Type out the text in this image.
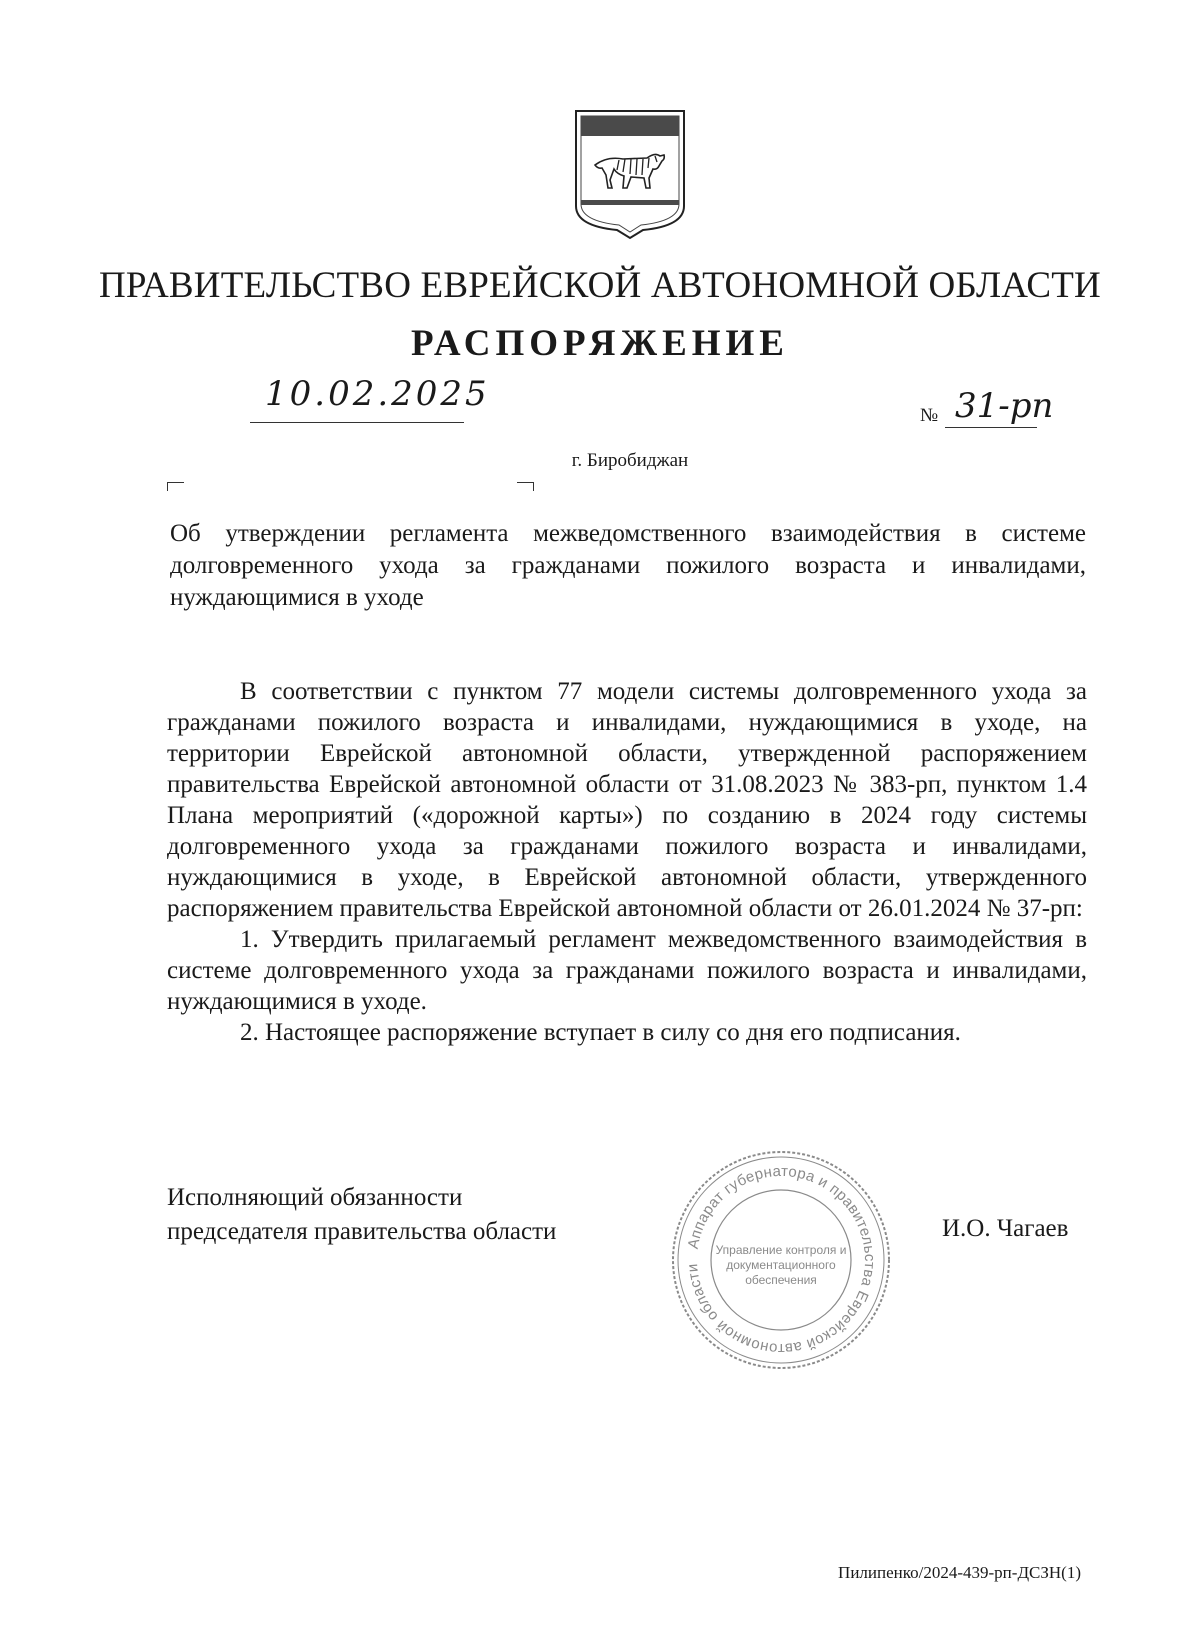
ПРАВИТЕЛЬСТВО ЕВРЕЙСКОЙ АВТОНОМНОЙ ОБЛАСТИ
РАСПОРЯЖЕНИЕ
10.02.2025
№ 31-рп
г. Биробиджан
Об утверждении регламента межведомственного взаимодействия в системе долговременного ухода за гражданами пожилого возраста и инвалидами, нуждающимися в уходе

В соответствии с пунктом 77 модели системы долговременного ухода за гражданами пожилого возраста и инвалидами, нуждающимися в уходе, на территории Еврейской автономной области, утвержденной распоряжением правительства Еврейской автономной области от 31.08.2023 № 383-рп, пунктом 1.4 Плана мероприятий («дорожной карты») по созданию в 2024 году системы долговременного ухода за гражданами пожилого возраста и инвалидами, нуждающимися в уходе, в Еврейской автономной области, утвержденного распоряжением правительства Еврейской автономной области от 26.01.2024 № 37-рп:

1. Утвердить прилагаемый регламент межведомственного взаимодействия в системе долговременного ухода за гражданами пожилого возраста и инвалидами, нуждающимися в уходе.

2. Настоящее распоряжение вступает в силу со дня его подписания.

Исполняющий обязанности
председателя правительства области	Аппарат губернатора и правительства Еврейской автономной области
Управление контроля и
документационного
обеспечения
И.О. Чагаев
Пилипенко/2024-439-рп-ДСЗН(1)
